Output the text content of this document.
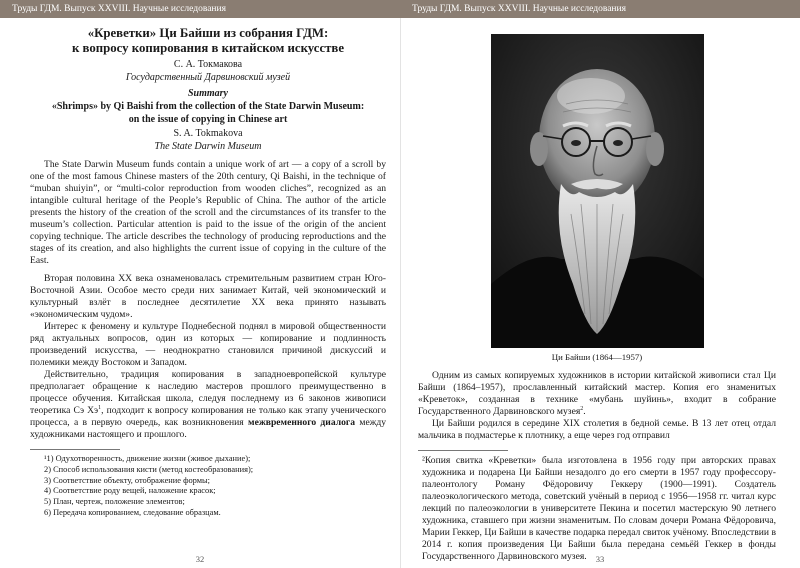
Труды ГДМ. Выпуск XXVIII. Научные исследования
«Креветки» Ци Байши из собрания ГДМ:
к вопросу копирования в китайском искусстве
С. А. Токмакова
Государственный Дарвиновский музей
Summary
«Shrimps» by Qi Baishi from the collection of the State Darwin Museum:
on the issue of copying in Chinese art
S. A. Tokmakova
The State Darwin Museum

The State Darwin Museum funds contain a unique work of art — a copy of a scroll by one of the most famous Chinese masters of the 20th century, Qi Baishi, in the technique of “muban shuiyin”, or “multi-color reproduction from wooden cliches”, recognized as an intangible cultural heritage of the People’s Republic of China. The author of the article presents the history of the creation of the scroll and the circumstances of its transfer to the museum’s collection. Particular attention is paid to the issue of the origin of the ancient copying technique. The article describes the technology of producing reproductions and the stages of its creation, and also highlights the current issue of copying in the culture of the East.

Вторая половина XX века ознаменовалась стремительным развитием стран Юго-Восточной Азии. Особое место среди них занимает Китай, чей экономический и культурный взлёт в последнее десятилетие XX века принято называть «экономическим чудом».

Интерес к феномену и культуре Поднебесной поднял в мировой общественности ряд актуальных вопросов, один из которых — копирование и подлинность произведений искусства, — неоднократно становился причиной дискуссий и полемики между Востоком и Западом.

Действительно, традиция копирования в западноевропейской культуре предполагает обращение к наследию мастеров прошлого преимущественно в процессе обучения. Китайская школа, следуя последнему из 6 законов живописи теоретика Сэ $Хэ^1$, подходит к вопросу копирования не только как этапу ученического процесса, а в первую очередь, как возникновения межвременного диалога между художниками настоящего и прошлого.

¹1) Одухотворенность, движение жизни (живое дыхание);
2) Способ использования кисти (метод костеобразования);
3) Соответствие объекту, отображение формы;
4) Соответствие роду вещей, наложение красок;
5) План, чертеж, положение элементов;
6) Передача копированием, следование образцам.
32
Труды ГДМ. Выпуск XXVIII. Научные исследования
Ци Байши (1864—1957)

Одним из самых копируемых художников в истории китайской живописи стал Ци Байши (1864–1957), прославленный китайский мастер. Копия его знаменитых «Креветок», созданная в технике «мубань шуйинь», входит в собрание Государственного Дарвиновского музея$^2$.

Ци Байши родился в середине XIX столетия в бедной семье. В 13 лет отец отдал мальчика в подмастерье к плотнику, а еще через год отправил

²Копия свитка «Креветки» была изготовлена в 1956 году при авторских правах художника и подарена Ци Байши незадолго до его смерти в 1957 году профессору-палеонтологу Роману Фёдоровичу Геккеру (1900—1991). Создатель палеоэкологического метода, советский учёный в период с 1956—1958 гг. читал курс лекций по палеоэкологии в университете Пекина и посетил мастерскую 90 летнего художника, ставшего при жизни знаменитым. По словам дочери Романа Фёдоровича, Марии Геккер, Ци Байши в качестве подарка передал свиток учёному. Впоследствии в 2014 г. копия произведения Ци Байши была передана семьёй Геккер в фонды Государственного Дарвиновского музея.	33
